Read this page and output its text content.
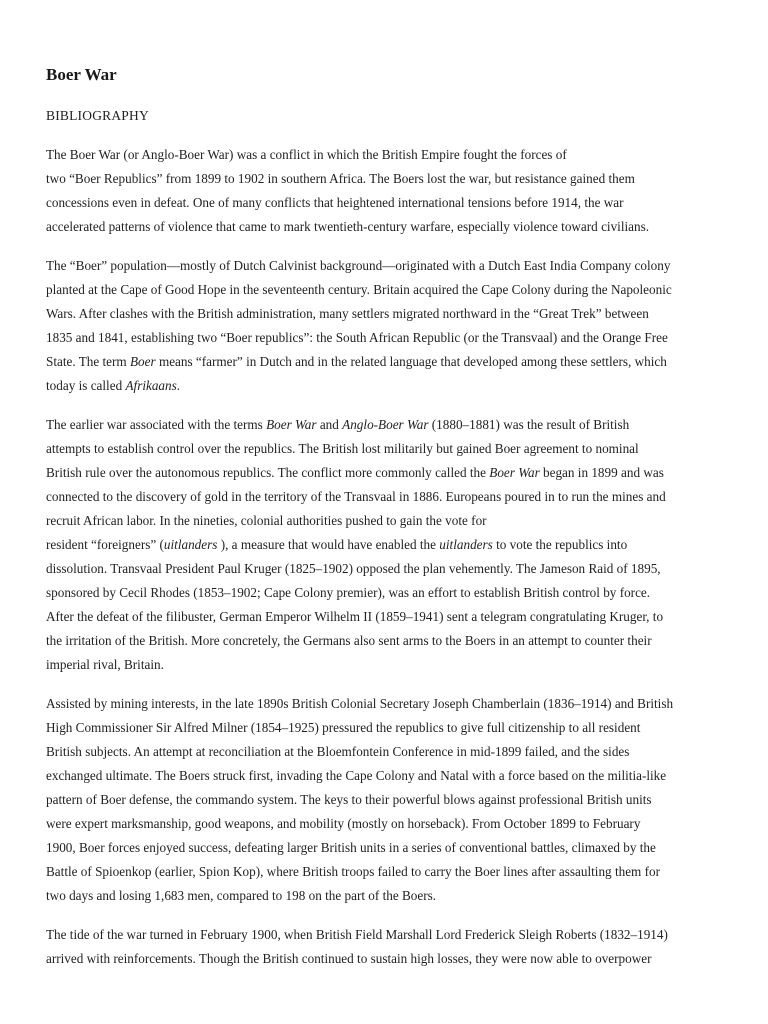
Boer War
BIBLIOGRAPHY
The Boer War (or Anglo-Boer War) was a conflict in which the British Empire fought the forces of
two “Boer Republics” from 1899 to 1902 in southern Africa. The Boers lost the war, but resistance gained them
concessions even in defeat. One of many conflicts that heightened international tensions before 1914, the war
accelerated patterns of violence that came to mark twentieth-century warfare, especially violence toward civilians.
The “Boer” population—mostly of Dutch Calvinist background—originated with a Dutch East India Company colony
planted at the Cape of Good Hope in the seventeenth century. Britain acquired the Cape Colony during the Napoleonic
Wars. After clashes with the British administration, many settlers migrated northward in the “Great Trek” between
1835 and 1841, establishing two “Boer republics”: the South African Republic (or the Transvaal) and the Orange Free
State. The term Boer means “farmer” in Dutch and in the related language that developed among these settlers, which
today is called Afrikaans.
The earlier war associated with the terms Boer War and Anglo-Boer War (1880–1881) was the result of British
attempts to establish control over the republics. The British lost militarily but gained Boer agreement to nominal
British rule over the autonomous republics. The conflict more commonly called the Boer War began in 1899 and was
connected to the discovery of gold in the territory of the Transvaal in 1886. Europeans poured in to run the mines and
recruit African labor. In the nineties, colonial authorities pushed to gain the vote for
resident “foreigners” (uitlanders ), a measure that would have enabled the uitlanders to vote the republics into
dissolution. Transvaal President Paul Kruger (1825–1902) opposed the plan vehemently. The Jameson Raid of 1895,
sponsored by Cecil Rhodes (1853–1902; Cape Colony premier), was an effort to establish British control by force.
After the defeat of the filibuster, German Emperor Wilhelm II (1859–1941) sent a telegram congratulating Kruger, to
the irritation of the British. More concretely, the Germans also sent arms to the Boers in an attempt to counter their
imperial rival, Britain.
Assisted by mining interests, in the late 1890s British Colonial Secretary Joseph Chamberlain (1836–1914) and British
High Commissioner Sir Alfred Milner (1854–1925) pressured the republics to give full citizenship to all resident
British subjects. An attempt at reconciliation at the Bloemfontein Conference in mid-1899 failed, and the sides
exchanged ultimate. The Boers struck first, invading the Cape Colony and Natal with a force based on the militia-like
pattern of Boer defense, the commando system. The keys to their powerful blows against professional British units
were expert marksmanship, good weapons, and mobility (mostly on horseback). From October 1899 to February
1900, Boer forces enjoyed success, defeating larger British units in a series of conventional battles, climaxed by the
Battle of Spioenkop (earlier, Spion Kop), where British troops failed to carry the Boer lines after assaulting them for
two days and losing 1,683 men, compared to 198 on the part of the Boers.
The tide of the war turned in February 1900, when British Field Marshall Lord Frederick Sleigh Roberts (1832–1914)
arrived with reinforcements. Though the British continued to sustain high losses, they were now able to overpower
